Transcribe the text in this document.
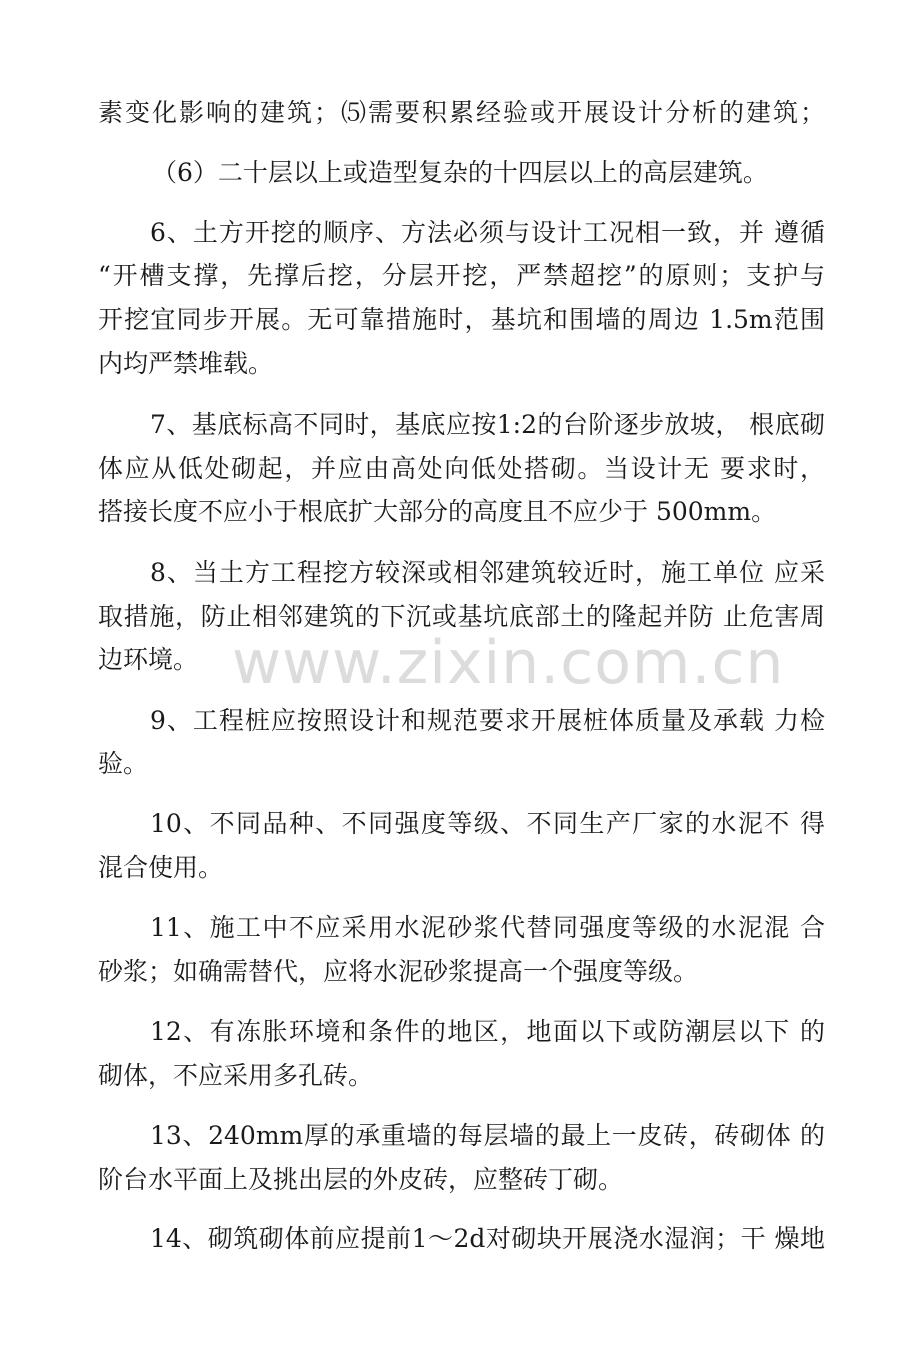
素变化影响的建筑；⑸需要积累经验或开展设计分析的建筑；
（6）二十层以上或造型复杂的十四层以上的高层建筑。
6、土方开挖的顺序、方法必须与设计工况相一致，并 遵循
“开槽支撑，先撑后挖，分层开挖，严禁超挖”的原则；支护与
开挖宜同步开展。无可靠措施时，基坑和围墙的周边 1.5m范围
内均严禁堆载。
7、基底标高不同时，基底应按1:2的台阶逐步放坡， 根底砌
体应从低处砌起，并应由高处向低处搭砌。当设计无 要求时，
搭接长度不应小于根底扩大部分的高度且不应少于 500mm。
8、当土方工程挖方较深或相邻建筑较近时，施工单位 应采
取措施，防止相邻建筑的下沉或基坑底部土的隆起并防 止危害周
边环境。
9、工程桩应按照设计和规范要求开展桩体质量及承载 力检
验。
10、不同品种、不同强度等级、不同生产厂家的水泥不 得
混合使用。
11、施工中不应采用水泥砂浆代替同强度等级的水泥混 合
砂浆；如确需替代，应将水泥砂浆提高一个强度等级。
12、有冻胀环境和条件的地区，地面以下或防潮层以下 的
砌体，不应采用多孔砖。
13、240mm厚的承重墙的每层墙的最上一皮砖，砖砌体 的
阶台水平面上及挑出层的外皮砖，应整砖丁砌。
14、砌筑砌体前应提前1〜2d对砌块开展浇水湿润；干 燥地
www.zixin.com.cn
